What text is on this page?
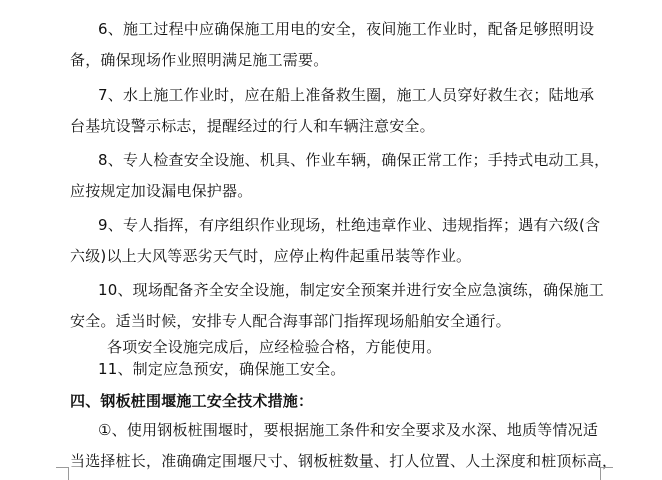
6、施工过程中应确保施工用电的安全，夜间施工作业时，配备足够照明设
备，确保现场作业照明满足施工需要。
7、水上施工作业时，应在船上准备救生圈，施工人员穿好救生衣；陆地承
台基坑设警示标志，提醒经过的行人和车辆注意安全。
8、专人检查安全设施、机具、作业车辆，确保正常工作；手持式电动工具，
应按规定加设漏电保护器。
9、专人指挥，有序组织作业现场，杜绝违章作业、违规指挥；遇有六级(含
六级)以上大风等恶劣天气时，应停止构件起重吊装等作业。
10、现场配备齐全安全设施，制定安全预案并进行安全应急演练，确保施工
安全。适当时候，安排专人配合海事部门指挥现场船舶安全通行。
各项安全设施完成后，应经检验合格，方能使用。
11、制定应急预安，确保施工安全。
四、钢板桩围堰施工安全技术措施：
①、使用钢板桩围堰时，要根据施工条件和安全要求及水深、地质等情况适
当选择桩长，准确确定围堰尺寸、钢板桩数量、打人位置、人土深度和桩顶标高，
